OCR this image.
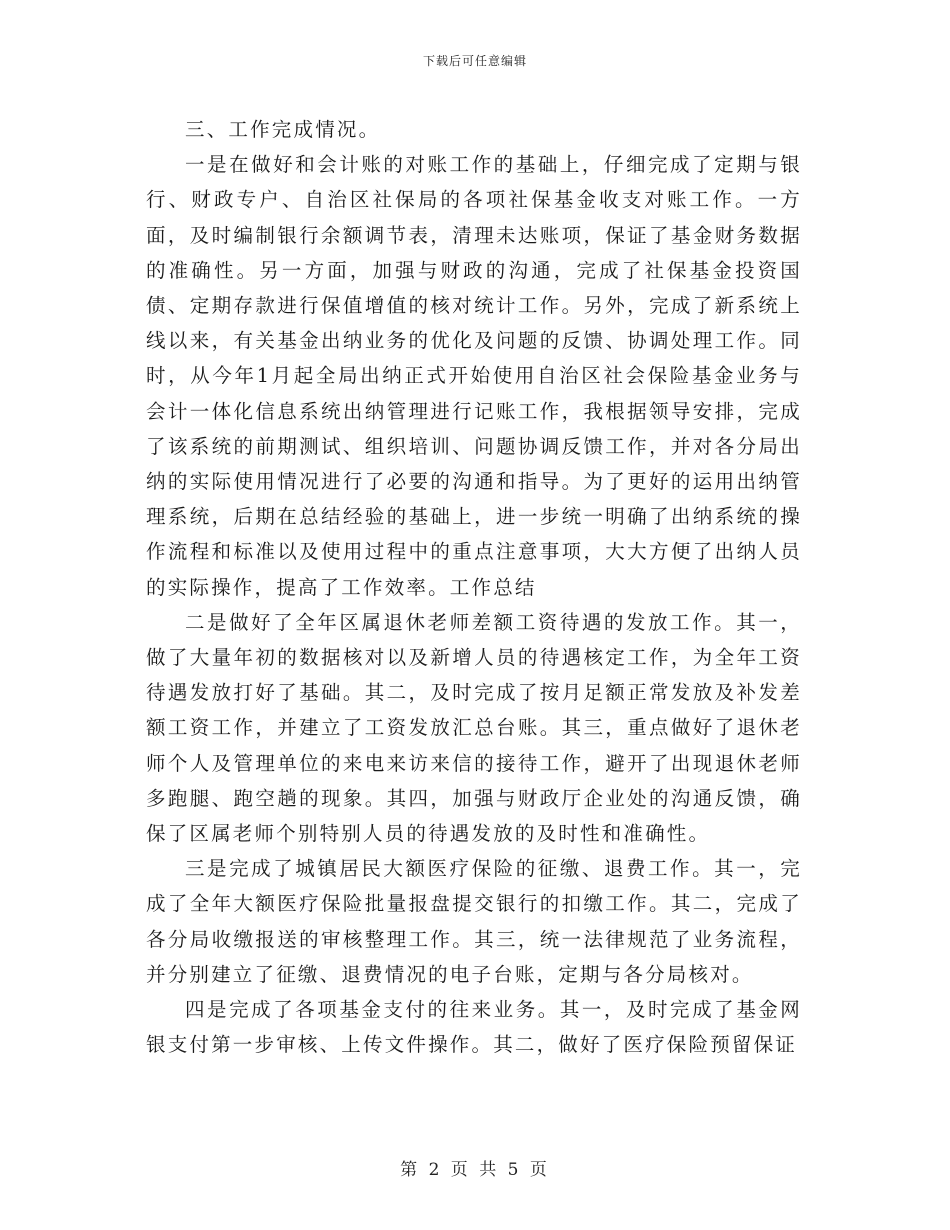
下载后可任意编辑

三、工作完成情况。

一是在做好和会计账的对账工作的基础上，仔细完成了定期与银行、财政专户、自治区社保局的各项社保基金收支对账工作。一方面，及时编制银行余额调节表，清理未达账项，保证了基金财务数据的准确性。另一方面，加强与财政的沟通，完成了社保基金投资国债、定期存款进行保值增值的核对统计工作。另外，完成了新系统上线以来，有关基金出纳业务的优化及问题的反馈、协调处理工作。同时，从今年1月起全局出纳正式开始使用自治区社会保险基金业务与会计一体化信息系统出纳管理进行记账工作，我根据领导安排，完成了该系统的前期测试、组织培训、问题协调反馈工作，并对各分局出纳的实际使用情况进行了必要的沟通和指导。为了更好的运用出纳管理系统，后期在总结经验的基础上，进一步统一明确了出纳系统的操作流程和标准以及使用过程中的重点注意事项，大大方便了出纳人员的实际操作，提高了工作效率。工作总结

二是做好了全年区属退休老师差额工资待遇的发放工作。其一，做了大量年初的数据核对以及新增人员的待遇核定工作，为全年工资待遇发放打好了基础。其二，及时完成了按月足额正常发放及补发差额工资工作，并建立了工资发放汇总台账。其三，重点做好了退休老师个人及管理单位的来电来访来信的接待工作，避开了出现退休老师多跑腿、跑空趟的现象。其四，加强与财政厅企业处的沟通反馈，确保了区属老师个别特别人员的待遇发放的及时性和准确性。

三是完成了城镇居民大额医疗保险的征缴、退费工作。其一，完成了全年大额医疗保险批量报盘提交银行的扣缴工作。其二，完成了各分局收缴报送的审核整理工作。其三，统一法律规范了业务流程，并分别建立了征缴、退费情况的电子台账，定期与各分局核对。

四是完成了各项基金支付的往来业务。其一，及时完成了基金网银支付第一步审核、上传文件操作。其二，做好了医疗保险预留保证

第 2 页 共 5 页
